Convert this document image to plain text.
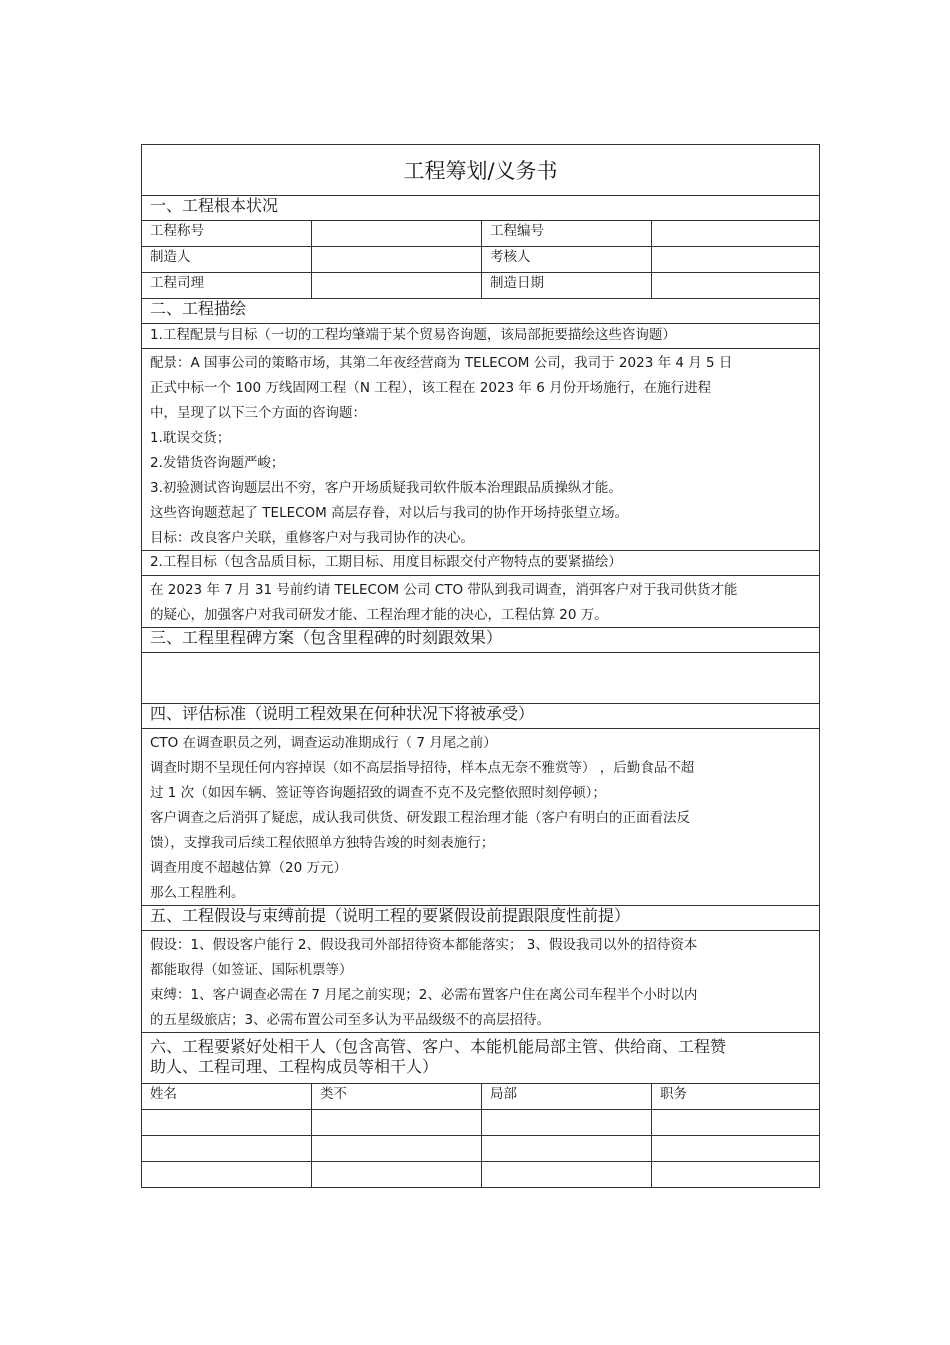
工程筹划/义务书
一、工程根本状况
工程称号	工程编号
制造人	考核人
工程司理	制造日期
二、工程描绘
1.工程配景与目标（一切的工程均肇端于某个贸易咨询题，该局部扼要描绘这些咨询题）

配景：A 国事公司的策略市场，其第二年夜经营商为 TELECOM 公司，我司于 2023 年 4 月 5 日

正式中标一个 100 万线固网工程（N 工程），该工程在 2023 年 6 月份开场施行，在施行进程

中，呈现了以下三个方面的咨询题：

1.耽误交货；

2.发错货咨询题严峻；

3.初验测试咨询题层出不穷，客户开场质疑我司软件版本治理跟品质操纵才能。

这些咨询题惹起了 TELECOM 高层存眷，对以后与我司的协作开场持张望立场。

目标：改良客户关联，重修客户对与我司协作的决心。

2.工程目标（包含品质目标，工期目标、用度目标跟交付产物特点的要紧描绘）

在 2023 年 7 月 31 号前约请 TELECOM 公司 CTO 带队到我司调查，消弭客户对于我司供货才能

的疑心，加强客户对我司研发才能、工程治理才能的决心，工程估算 20 万。

三、工程里程碑方案（包含里程碑的时刻跟效果）
四、评估标准（说明工程效果在何种状况下将被承受）

CTO 在调查职员之列，调查运动准期成行（ 7 月尾之前）

调查时期不呈现任何内容掉误（如不高层指导招待，样本点无奈不雅赏等） ，后勤食品不超

过 1 次（如因车辆、签证等咨询题招致的调查不克不及完整依照时刻停顿）；

客户调查之后消弭了疑虑，成认我司供货、研发跟工程治理才能（客户有明白的正面看法反

馈），支撑我司后续工程依照单方独特告竣的时刻表施行；

调查用度不超越估算（20 万元）

那么工程胜利。

五、工程假设与束缚前提（说明工程的要紧假设前提跟限度性前提）

假设：1、假设客户能行 2、假设我司外部招待资本都能落实； 3、假设我司以外的招待资本

都能取得（如签证、国际机票等）

束缚：1、客户调查必需在 7 月尾之前实现；2、必需布置客户住在离公司车程半个小时以内

的五星级旅店；3、必需布置公司至多认为平品级级不的高层招待。

六、工程要紧好处相干人（包含高管、客户、本能机能局部主管、供给商、工程赞
助人、工程司理、工程构成员等相干人）
姓名	类不	局部	职务
